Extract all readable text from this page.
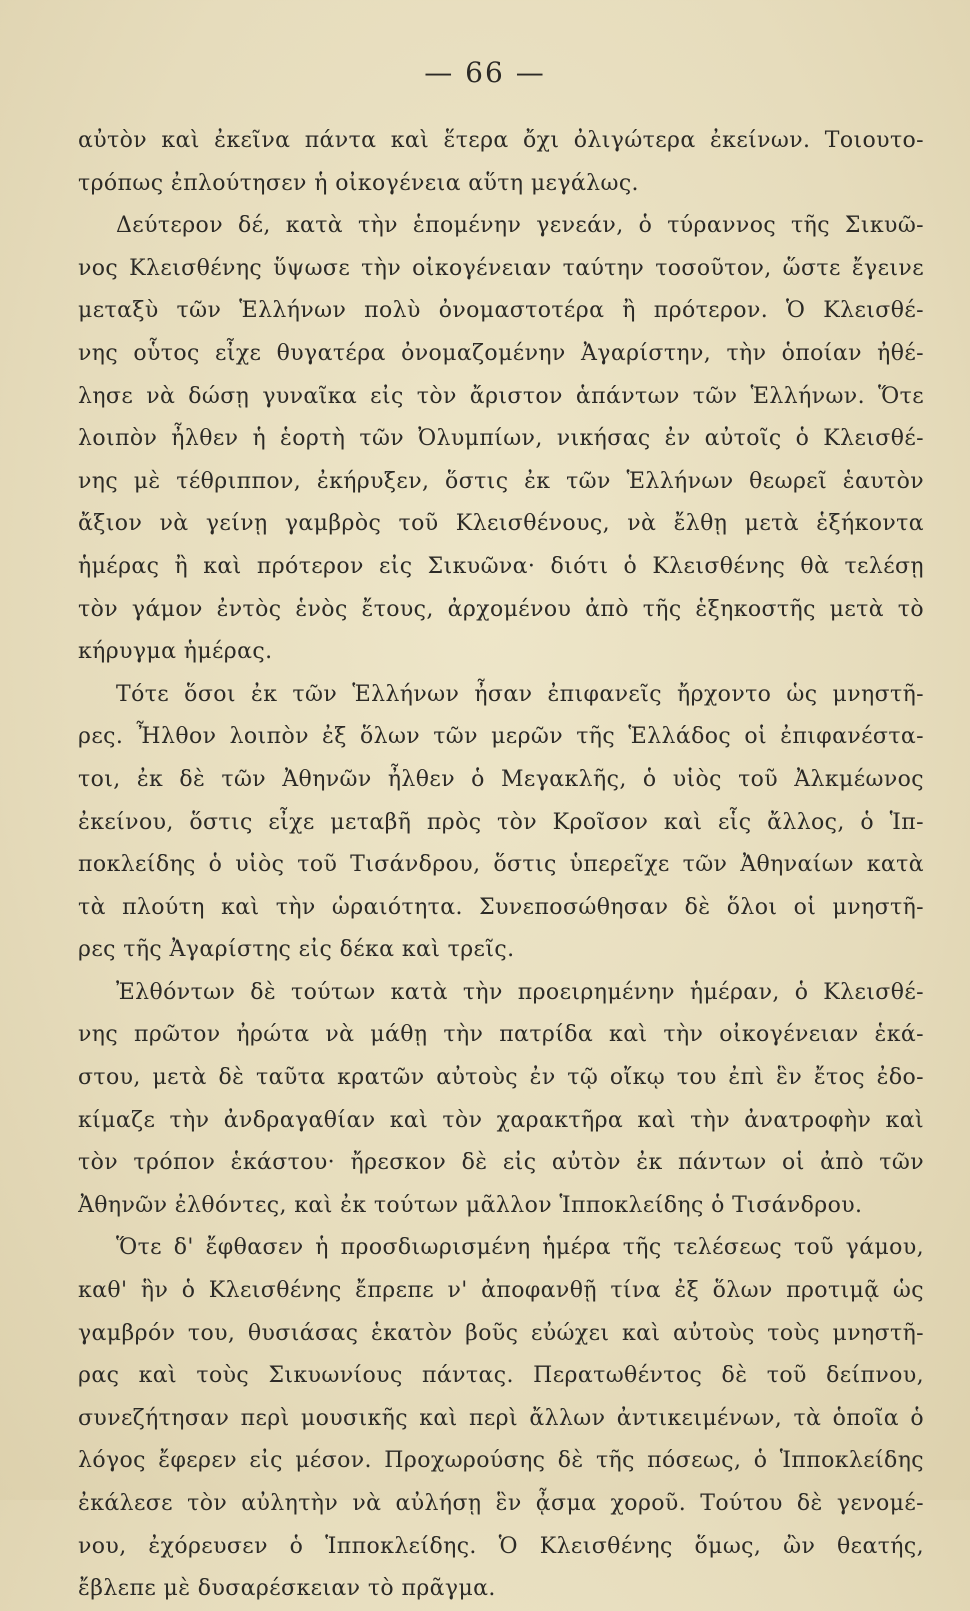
— 66 —
αὐτὸν καὶ ἐκεῖνα πάντα καὶ ἕτερα ὄχι ὀλιγώτερα ἐκείνων. Τοιουτο-
τρόπως ἐπλούτησεν ἡ οἰκογένεια αὕτη μεγάλως.
Δεύτερον δέ, κατὰ τὴν ἑπομένην γενεάν, ὁ τύραννος τῆς Σικυῶ-
νος Κλεισθένης ὕψωσε τὴν οἰκογένειαν ταύτην τοσοῦτον, ὥστε ἔγεινε
μεταξὺ τῶν Ἑλλήνων πολὺ ὀνομαστοτέρα ἢ πρότερον. Ὁ Κλεισθέ-
νης οὗτος εἶχε θυγατέρα ὀνομαζομένην Ἀγαρίστην, τὴν ὁποίαν ἠθέ-
λησε νὰ δώσῃ γυναῖκα εἰς τὸν ἄριστον ἁπάντων τῶν Ἑλλήνων. Ὅτε
λοιπὸν ἦλθεν ἡ ἑορτὴ τῶν Ὀλυμπίων, νικήσας ἐν αὐτοῖς ὁ Κλεισθέ-
νης μὲ τέθριππον, ἐκήρυξεν, ὅστις ἐκ τῶν Ἑλλήνων θεωρεῖ ἑαυτὸν
ἄξιον νὰ γείνῃ γαμβρὸς τοῦ Κλεισθένους, νὰ ἔλθῃ μετὰ ἑξήκοντα
ἡμέρας ἢ καὶ πρότερον εἰς Σικυῶνα· διότι ὁ Κλεισθένης θὰ τελέσῃ
τὸν γάμον ἐντὸς ἑνὸς ἔτους, ἀρχομένου ἀπὸ τῆς ἑξηκοστῆς μετὰ τὸ
κήρυγμα ἡμέρας.
Τότε ὅσοι ἐκ τῶν Ἑλλήνων ἦσαν ἐπιφανεῖς ἤρχοντο ὡς μνηστῆ-
ρες. Ἦλθον λοιπὸν ἐξ ὅλων τῶν μερῶν τῆς Ἑλλάδος οἱ ἐπιφανέστα-
τοι, ἐκ δὲ τῶν Ἀθηνῶν ἦλθεν ὁ Μεγακλῆς, ὁ υἱὸς τοῦ Ἀλκμέωνος
ἐκείνου, ὅστις εἶχε μεταβῆ πρὸς τὸν Κροῖσον καὶ εἷς ἄλλος, ὁ Ἱπ-
ποκλείδης ὁ υἱὸς τοῦ Τισάνδρου, ὅστις ὑπερεῖχε τῶν Ἀθηναίων κατὰ
τὰ πλούτη καὶ τὴν ὡραιότητα. Συνεποσώθησαν δὲ ὅλοι οἱ μνηστῆ-
ρες τῆς Ἀγαρίστης εἰς δέκα καὶ τρεῖς.
Ἐλθόντων δὲ τούτων κατὰ τὴν προειρημένην ἡμέραν, ὁ Κλεισθέ-
νης πρῶτον ἠρώτα νὰ μάθῃ τὴν πατρίδα καὶ τὴν οἰκογένειαν ἑκά-
στου, μετὰ δὲ ταῦτα κρατῶν αὐτοὺς ἐν τῷ οἴκῳ του ἐπὶ ἓν ἔτος ἐδο-
κίμαζε τὴν ἀνδραγαθίαν καὶ τὸν χαρακτῆρα καὶ τὴν ἀνατροφὴν καὶ
τὸν τρόπον ἑκάστου· ἤρεσκον δὲ εἰς αὐτὸν ἐκ πάντων οἱ ἀπὸ τῶν
Ἀθηνῶν ἐλθόντες, καὶ ἐκ τούτων μᾶλλον Ἱπποκλείδης ὁ Τισάνδρου.
Ὅτε δ' ἔφθασεν ἡ προσδιωρισμένη ἡμέρα τῆς τελέσεως τοῦ γάμου,
καθ' ἣν ὁ Κλεισθένης ἔπρεπε ν' ἀποφανθῇ τίνα ἐξ ὅλων προτιμᾷ ὡς
γαμβρόν του, θυσιάσας ἑκατὸν βοῦς εὐώχει καὶ αὐτοὺς τοὺς μνηστῆ-
ρας καὶ τοὺς Σικυωνίους πάντας. Περατωθέντος δὲ τοῦ δείπνου,
συνεζήτησαν περὶ μουσικῆς καὶ περὶ ἄλλων ἀντικειμένων, τὰ ὁποῖα ὁ
λόγος ἔφερεν εἰς μέσον. Προχωρούσης δὲ τῆς πόσεως, ὁ Ἱπποκλείδης
ἐκάλεσε τὸν αὐλητὴν νὰ αὐλήσῃ ἓν ᾆσμα χοροῦ. Τούτου δὲ γενομέ-
νου, ἐχόρευσεν ὁ Ἱπποκλείδης. Ὁ Κλεισθένης ὅμως, ὢν θεατής,
ἔβλεπε μὲ δυσαρέσκειαν τὸ πρᾶγμα.
